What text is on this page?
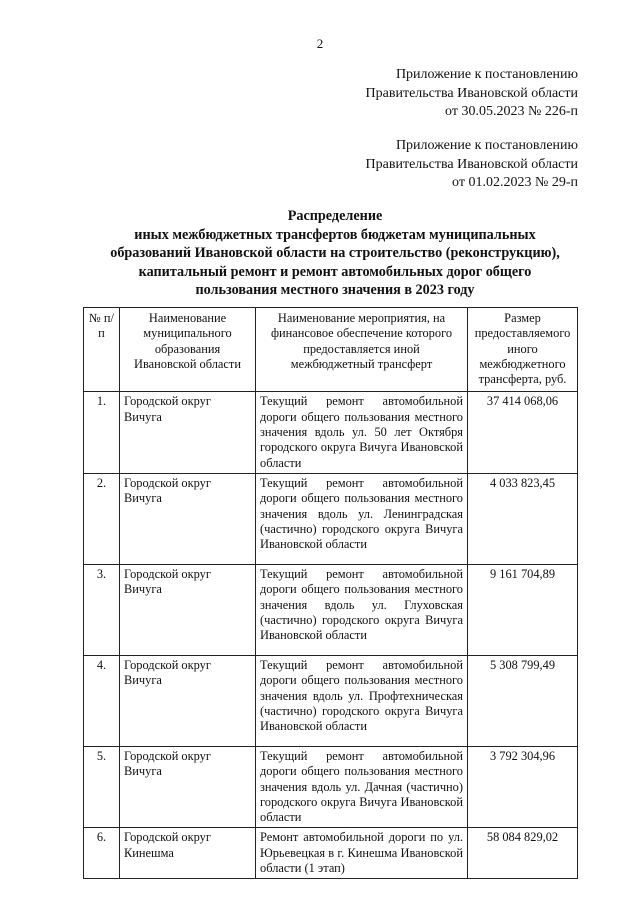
2
Приложение к постановлению
Правительства Ивановской области
от 30.05.2023 № 226-п
Приложение к постановлению
Правительства Ивановской области
от 01.02.2023 № 29-п
Распределение
иных межбюджетных трансфертов бюджетам муниципальных
образований Ивановской области на строительство (реконструкцию),
капитальный ремонт и ремонт автомобильных дорог общего
пользования местного значения в 2023 году
№ п/п	Наименование муниципального образования Ивановской области	Наименование мероприятия, на финансовое обеспечение которого предоставляется иной межбюджетный трансферт	Размер предоставляемого иного межбюджетного трансферта, руб.
1.	Городской округ Вичуга	Текущий ремонт автомобильной дороги общего пользования местного значения вдоль ул. 50 лет Октября городского округа Вичуга Ивановской области	37 414 068,06
2.	Городской округ Вичуга	Текущий ремонт автомобильной дороги общего пользования местного значения вдоль ул. Ленинградская (частично) городского округа Вичуга Ивановской области	4 033 823,45
3.	Городской округ Вичуга	Текущий ремонт автомобильной дороги общего пользования местного значения вдоль ул. Глуховская (частично) городского округа Вичуга Ивановской области	9 161 704,89
4.	Городской округ Вичуга	Текущий ремонт автомобильной дороги общего пользования местного значения вдоль ул. Профтехническая (частично) городского округа Вичуга Ивановской области	5 308 799,49
5.	Городской округ Вичуга	Текущий ремонт автомобильной дороги общего пользования местного значения вдоль ул. Дачная (частично) городского округа Вичуга Ивановской области	3 792 304,96
6.	Городской округ Кинешма	Ремонт автомобильной дороги по ул. Юрьевецкая в г. Кинешма Ивановской области (1 этап)	58 084 829,02
